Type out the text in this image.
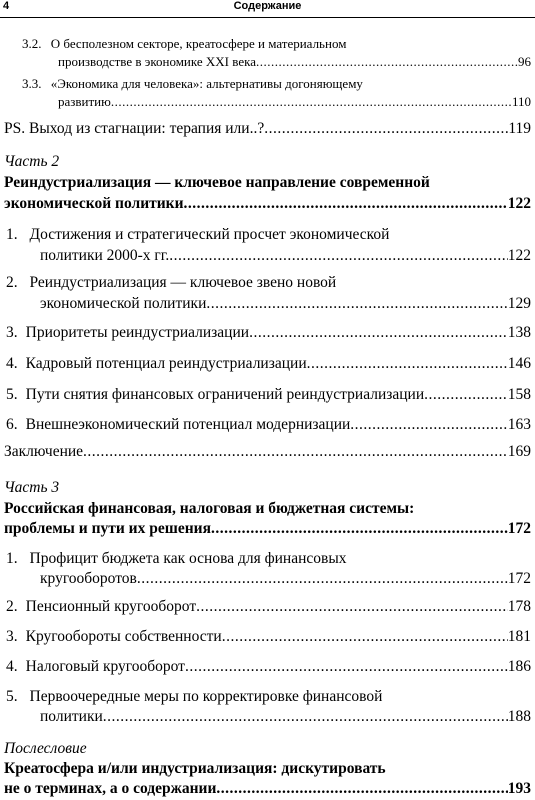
4	Содержание
3.2. О бесполезном секторе, креатосфере и материальном
производстве в экономике XXI века .....	96
3.3. «Экономика для человека»: альтернативы догоняющему
развитию .....	110
PS. Выход из стагнации: терапия или..? .....	119
Часть 2
Реиндустриализация — ключевое направление современной
экономической политики .....	122
1. Достижения и стратегический просчет экономической
политики 2000-х гг. .....	122
2. Реиндустриализация — ключевое звено новой
экономической политики .....	129
3. Приоритеты реиндустриализации .....	138
4. Кадровый потенциал реиндустриализации .....	146
5. Пути снятия финансовых ограничений реиндустриализации .....	158
6. Внешнеэкономический потенциал модернизации .....	163
Заключение .....	169
Часть 3
Российская финансовая, налоговая и бюджетная системы:
проблемы и пути их решения .....	172
1. Профицит бюджета как основа для финансовых
кругооборотов .....	172
2. Пенсионный кругооборот .....	178
3. Кругообороты собственности .....	181
4. Налоговый кругооборот .....	186
5. Первоочередные меры по корректировке финансовой
политики .....	188
Послесловие
Креатосфера и/или индустриализация: дискутировать
не о терминах, а о содержании .....	193
